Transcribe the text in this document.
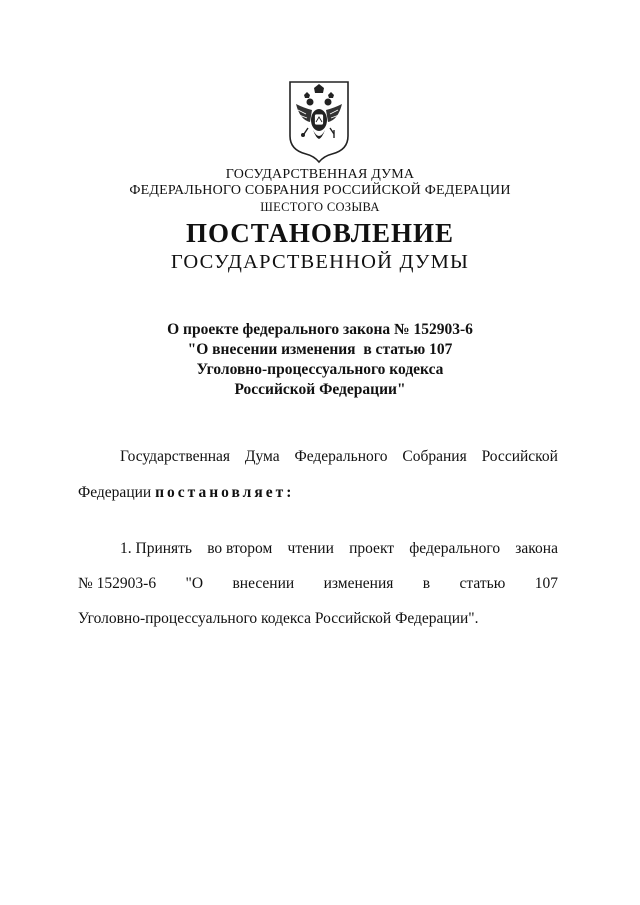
ГОСУДАРСТВЕННАЯ ДУМА
ФЕДЕРАЛЬНОГО СОБРАНИЯ РОССИЙСКОЙ ФЕДЕРАЦИИ
ШЕСТОГО СОЗЫВА
ПОСТАНОВЛЕНИЕ
ГОСУДАРСТВЕННОЙ ДУМЫ
О проекте федерального закона № 152903-6
"О внесении изменения  в статью 107
Уголовно-процессуального кодекса
Российской Федерации"
Государственная Дума Федерального Собрания Российской
Федерации постановляет:
1. Принять во втором чтении проект федерального закона
№ 152903-6 "О внесении изменения в статью 107
Уголовно-процессуального кодекса Российской Федерации".
